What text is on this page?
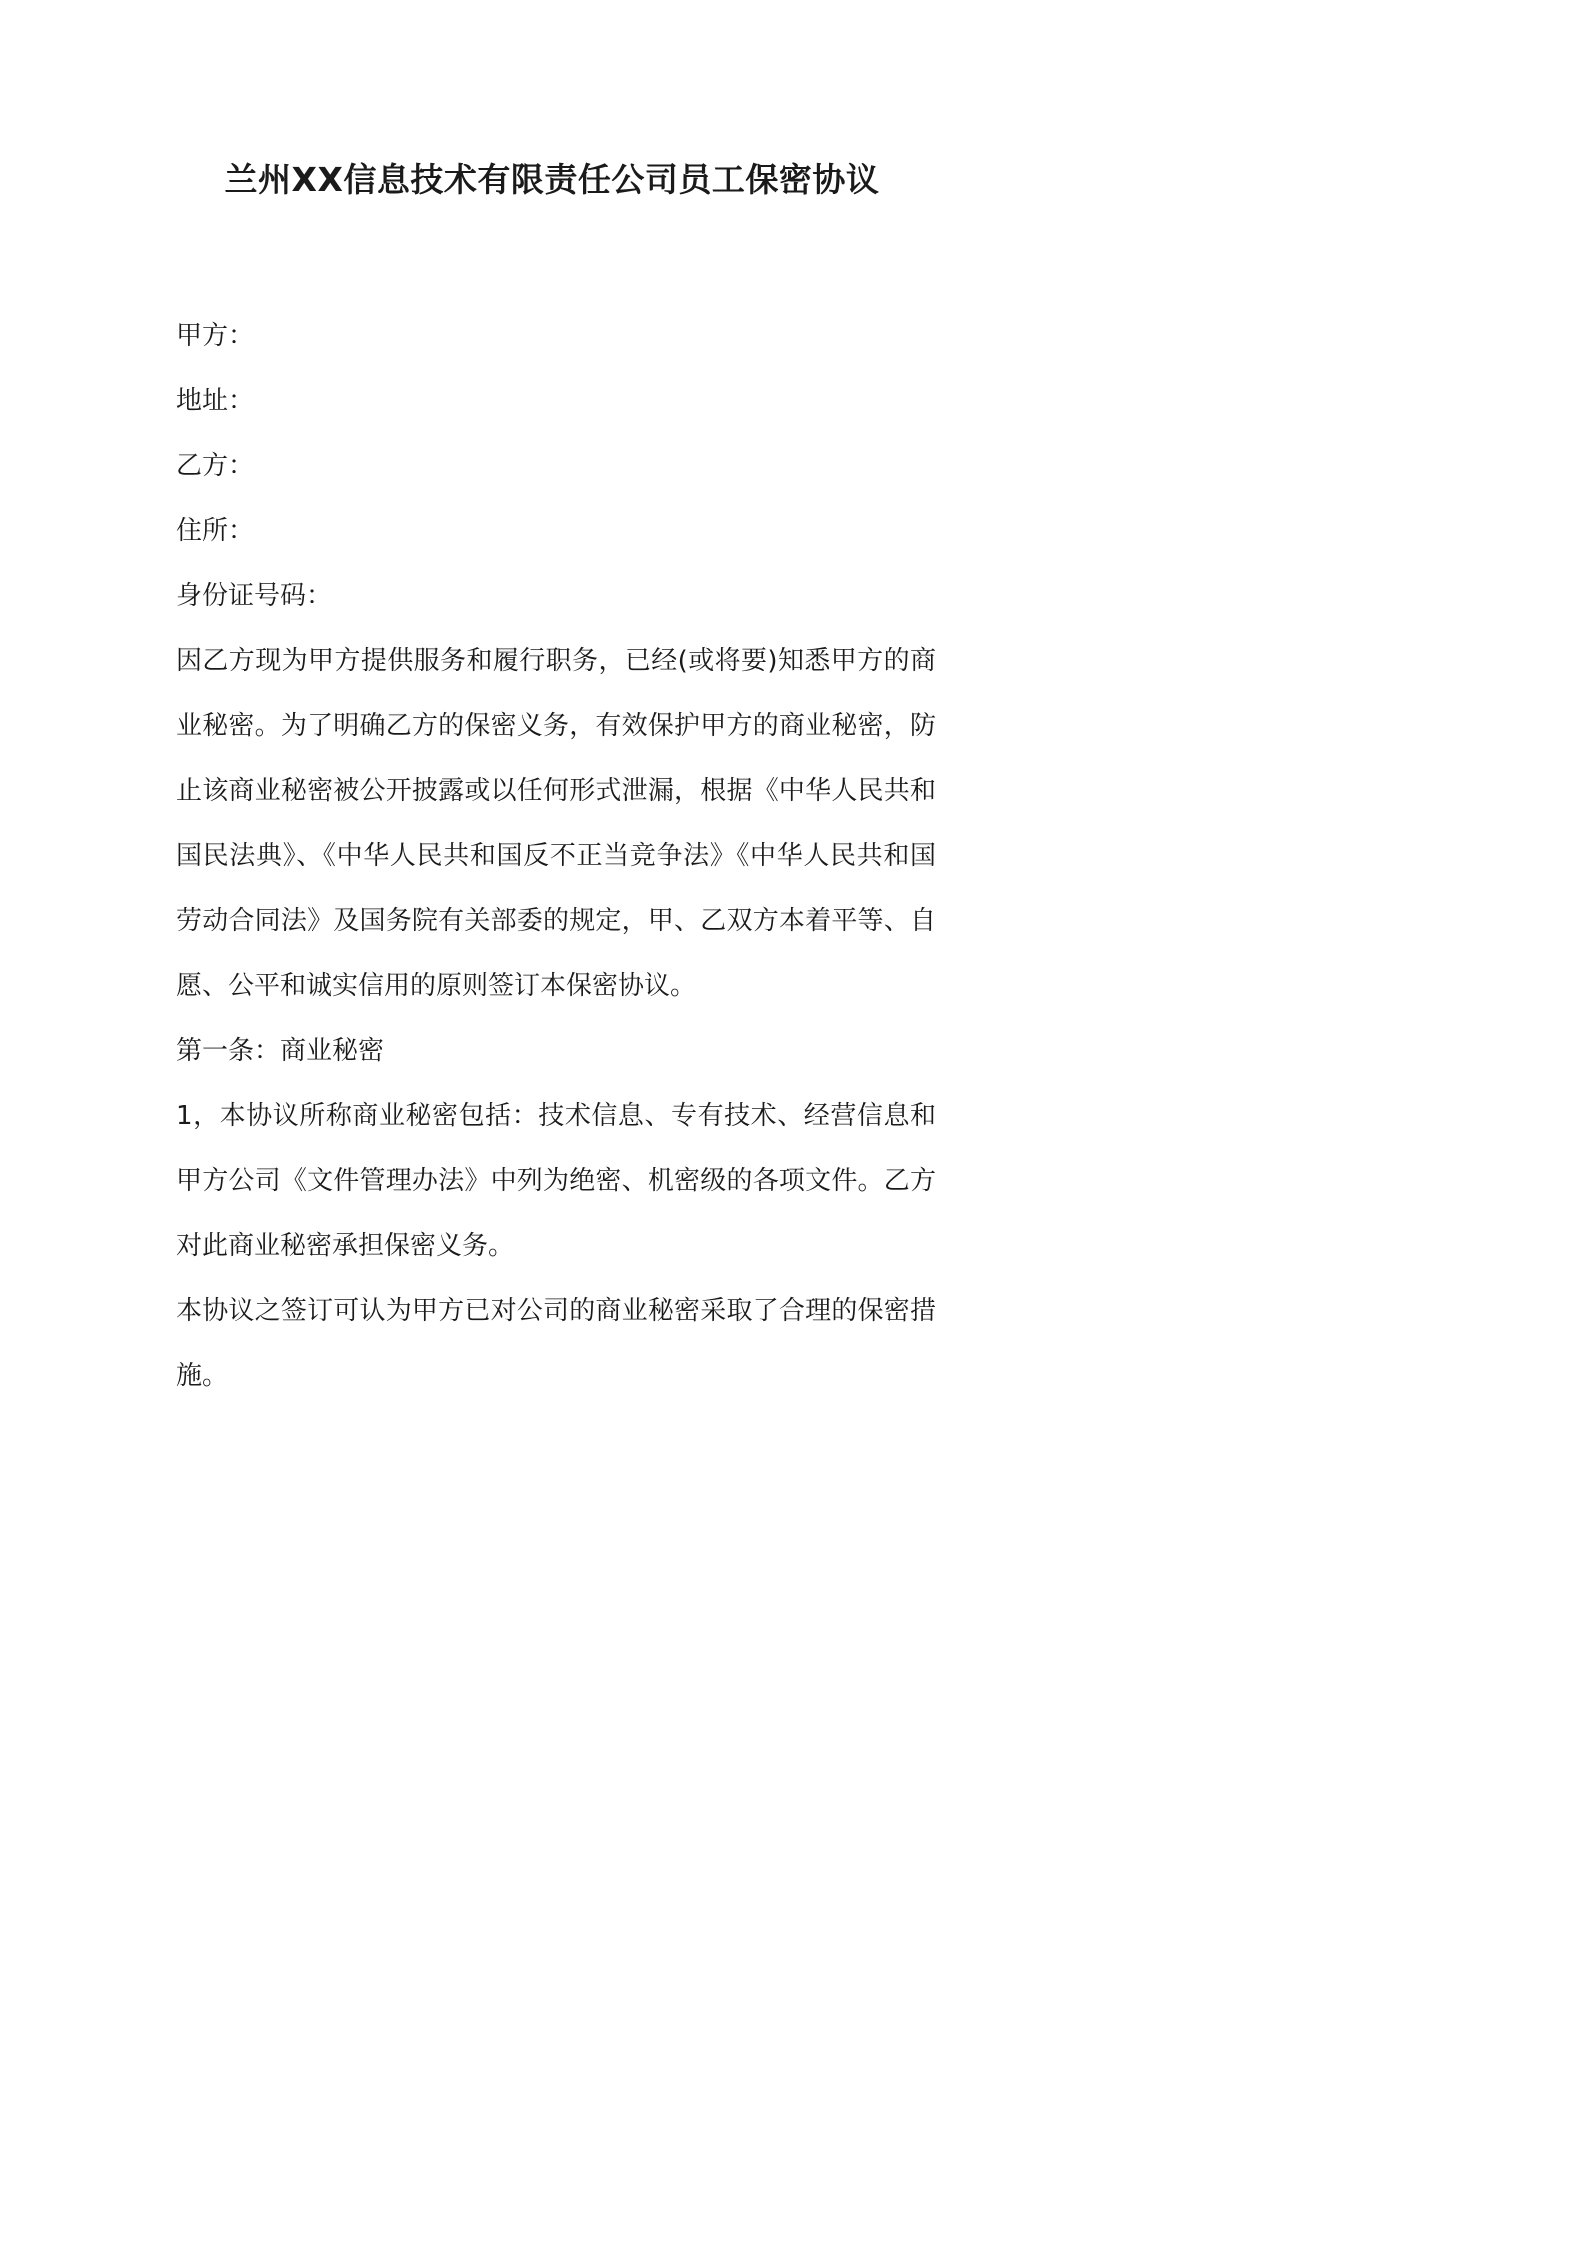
兰州XX信息技术有限责任公司员工保密协议

甲方：

地址：

乙方：

住所：

身份证号码：

因乙方现为甲方提供服务和履行职务，已经(或将要)知悉甲方的商业秘密。为了明确乙方的保密义务，有效保护甲方的商业秘密，防止该商业秘密被公开披露或以任何形式泄漏，根据《中华人民共和国民法典》、《中华人民共和国反不正当竞争法》《中华人民共和国劳动合同法》及国务院有关部委的规定，甲、乙双方本着平等、自愿、公平和诚实信用的原则签订本保密协议。

第一条：商业秘密

1，本协议所称商业秘密包括：技术信息、专有技术、经营信息和甲方公司《文件管理办法》中列为绝密、机密级的各项文件。乙方对此商业秘密承担保密义务。

本协议之签订可认为甲方已对公司的商业秘密采取了合理的保密措施。
